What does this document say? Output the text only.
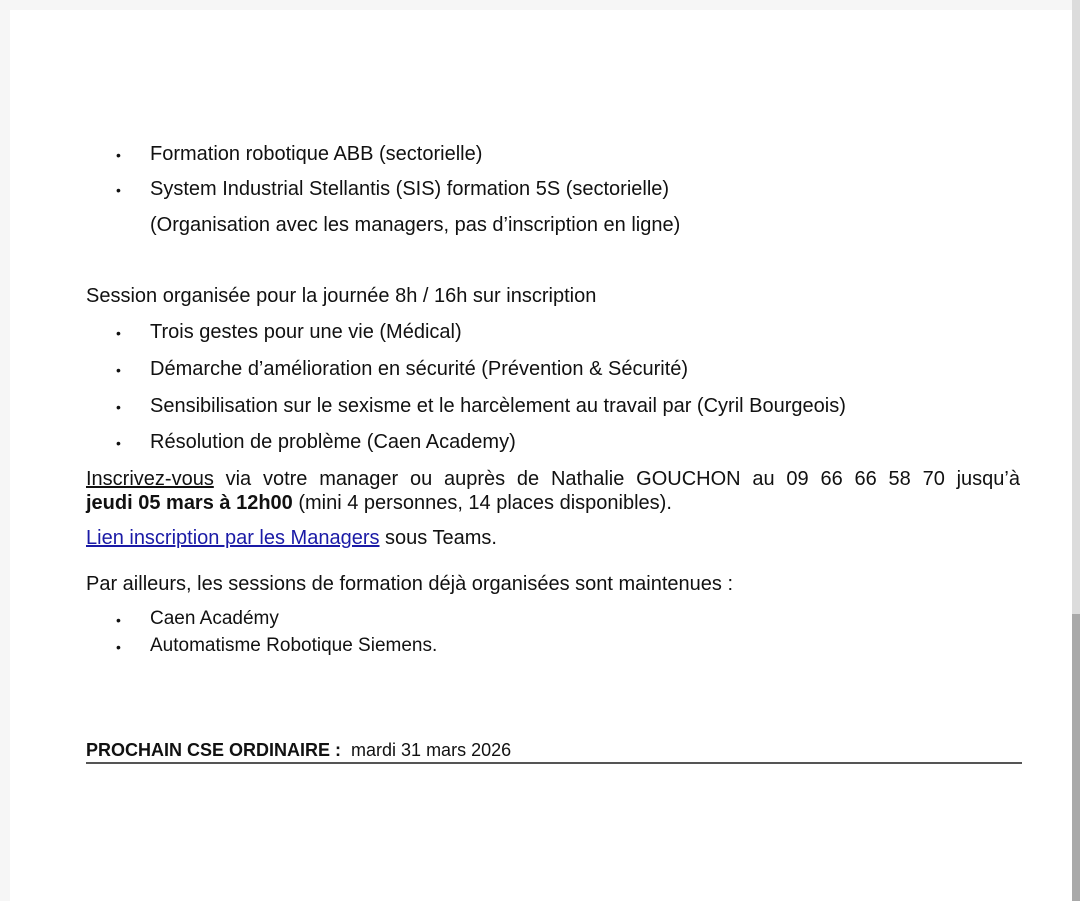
• Formation robotique ABB (sectorielle)
• System Industrial Stellantis (SIS) formation 5S (sectorielle)
(Organisation avec les managers, pas d’inscription en ligne)
Session organisée pour la journée 8h / 16h sur inscription
• Trois gestes pour une vie (Médical)
• Démarche d’amélioration en sécurité (Prévention & Sécurité)
• Sensibilisation sur le sexisme et le harcèlement au travail par (Cyril Bourgeois)
• Résolution de problème (Caen Academy)
Inscrivez-vous via votre manager ou auprès de Nathalie GOUCHON au 09 66 66 58 70 jusqu’à
jeudi 05 mars à 12h00 (mini 4 personnes, 14 places disponibles).
Lien inscription par les Managers sous Teams.
Par ailleurs, les sessions de formation déjà organisées sont maintenues :
• Caen Académy
• Automatisme Robotique Siemens.
PROCHAIN CSE ORDINAIRE : mardi 31 mars 2026
